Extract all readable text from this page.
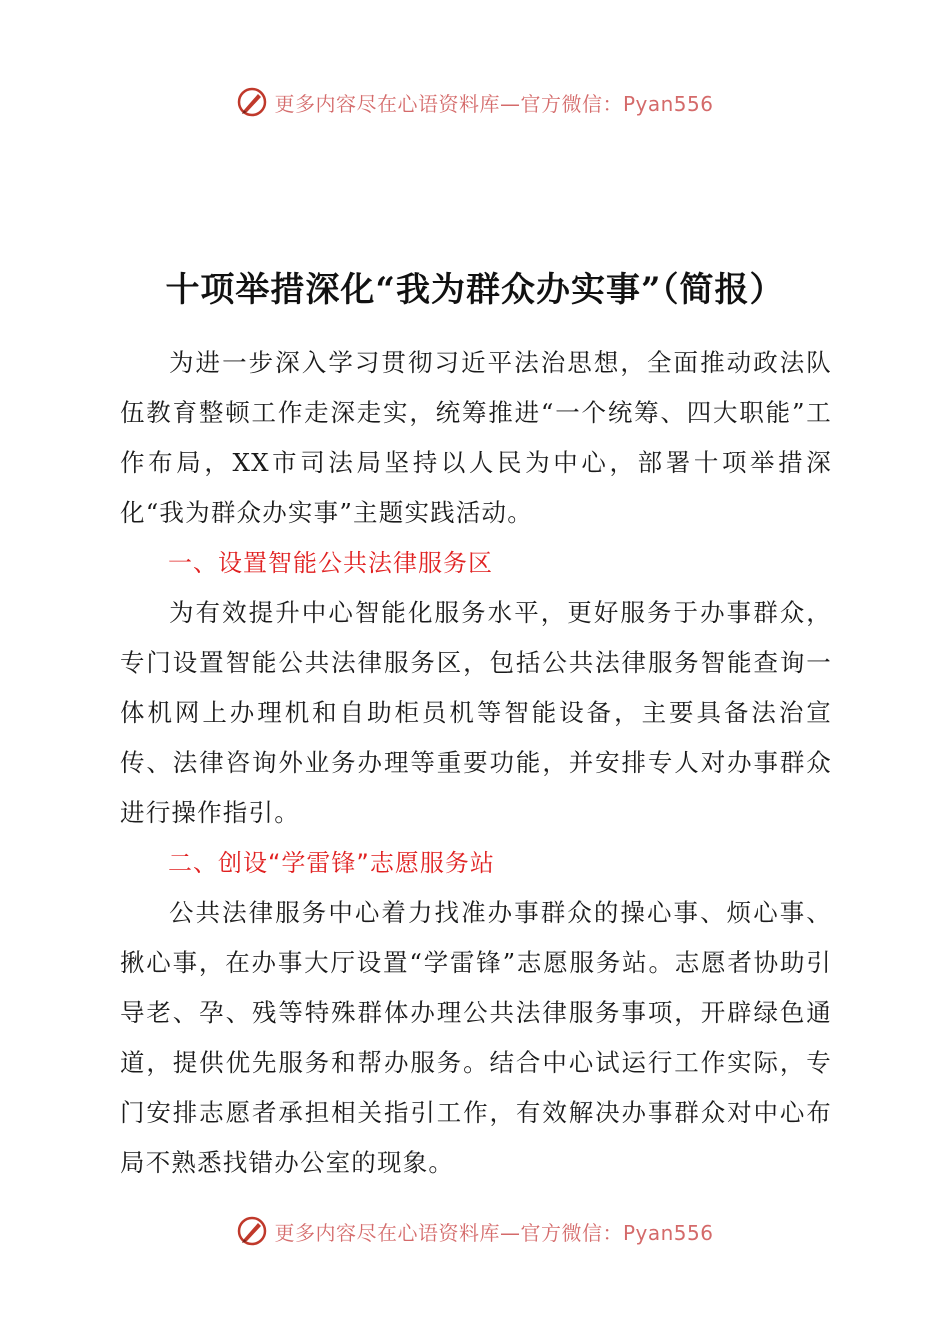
更多内容尽在心语资料库—官方微信：Pyan556
十项举措深化“我为群众办实事”（简报）

为进一步深入学习贯彻习近平法治思想，全面推动政法队伍教育整顿工作走深走实，统筹推进“一个统筹、四大职能”工作布局，XX市司法局坚持以人民为中心，部署十项举措深化“我为群众办实事”主题实践活动。

一、设置智能公共法律服务区

为有效提升中心智能化服务水平，更好服务于办事群众，专门设置智能公共法律服务区，包括公共法律服务智能查询一体机网上办理机和自助柜员机等智能设备，主要具备法治宣传、法律咨询外业务办理等重要功能，并安排专人对办事群众进行操作指引。

二、创设“学雷锋”志愿服务站

公共法律服务中心着力找准办事群众的操心事、烦心事、揪心事，在办事大厅设置“学雷锋”志愿服务站。志愿者协助引导老、孕、残等特殊群体办理公共法律服务事项，开辟绿色通道，提供优先服务和帮办服务。结合中心试运行工作实际，专门安排志愿者承担相关指引工作，有效解决办事群众对中心布局不熟悉找错办公室的现象。

更多内容尽在心语资料库—官方微信：Pyan556
